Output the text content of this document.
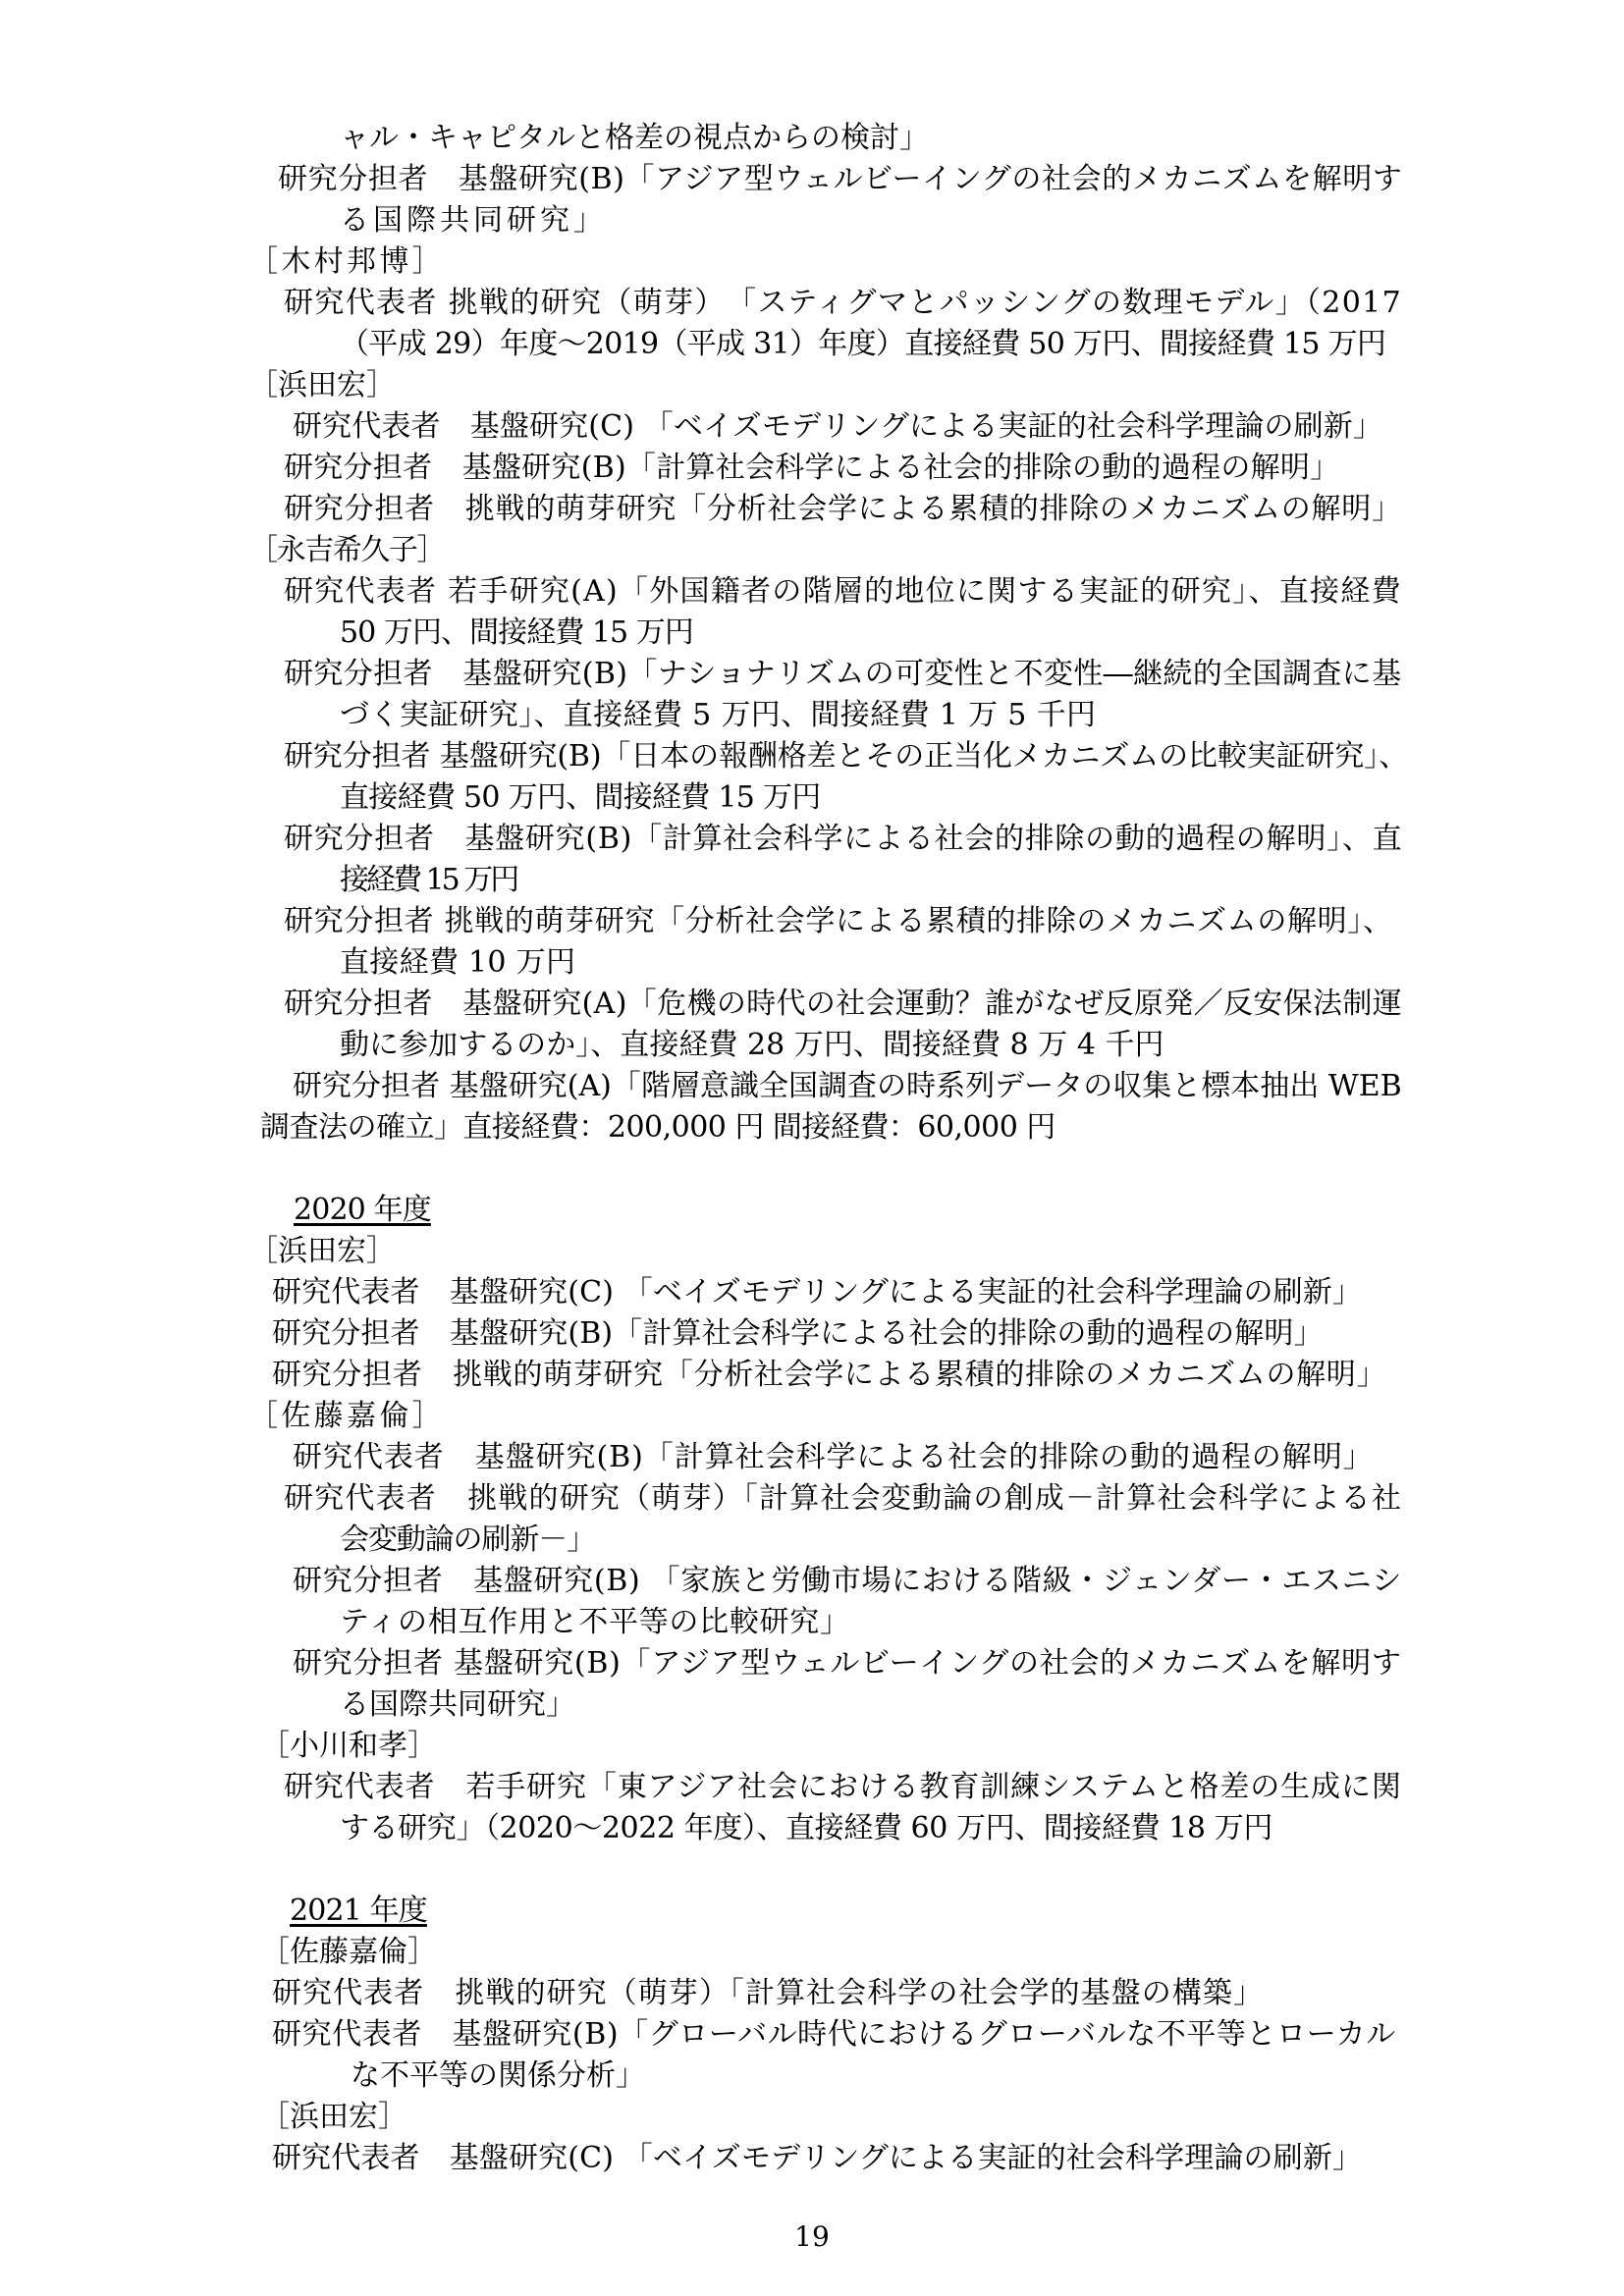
ャル・キャピタルと格差の視点からの検討」
研究分担者　基盤研究(B)「アジア型ウェルビーイングの社会的メカニズムを解明す
る国際共同研究」
［木村邦博］
研究代表者 挑戦的研究（萌芽）　「スティグマとパッシングの数理モデル」（2017
（平成 29）年度〜2019（平成 31）年度）直接経費 50 万円、間接経費 15 万円
［浜田宏］
研究代表者　基盤研究(C) 「ベイズモデリングによる実証的社会科学理論の刷新」
研究分担者　基盤研究(B)「計算社会科学による社会的排除の動的過程の解明」
研究分担者　挑戦的萌芽研究「分析社会学による累積的排除のメカニズムの解明」
［永吉希久子］
研究代表者 若手研究(A)「外国籍者の階層的地位に関する実証的研究」、直接経費
50 万円、間接経費 15 万円
研究分担者　基盤研究(B)「ナショナリズムの可変性と不変性―継続的全国調査に基
づく実証研究」、直接経費 5 万円、間接経費 1 万 5 千円
研究分担者 基盤研究(B)「日本の報酬格差とその正当化メカニズムの比較実証研究」、
直接経費 50 万円、間接経費 15 万円
研究分担者　基盤研究(B)「計算社会科学による社会的排除の動的過程の解明」、直
接経費 15 万円
研究分担者 挑戦的萌芽研究「分析社会学による累積的排除のメカニズムの解明」、
直接経費 10 万円
研究分担者　基盤研究(A)「危機の時代の社会運動？誰がなぜ反原発／反安保法制運
動に参加するのか」、直接経費 28 万円、間接経費 8 万 4 千円
研究分担者 基盤研究(A)「階層意識全国調査の時系列データの収集と標本抽出 WEB
調査法の確立」直接経費：200,000 円 間接経費：60,000 円
2020 年度
［浜田宏］
研究代表者　基盤研究(C) 「ベイズモデリングによる実証的社会科学理論の刷新」
研究分担者　基盤研究(B)「計算社会科学による社会的排除の動的過程の解明」
研究分担者　挑戦的萌芽研究「分析社会学による累積的排除のメカニズムの解明」
［佐藤嘉倫］
研究代表者　基盤研究(B)「計算社会科学による社会的排除の動的過程の解明」
研究代表者　挑戦的研究（萌芽）「計算社会変動論の創成－計算社会科学による社
会変動論の刷新－」
研究分担者　基盤研究(B) 「家族と労働市場における階級・ジェンダー・エスニシ
ティの相互作用と不平等の比較研究」
研究分担者 基盤研究(B)「アジア型ウェルビーイングの社会的メカニズムを解明す
る国際共同研究」
［小川和孝］
研究代表者　若手研究「東アジア社会における教育訓練システムと格差の生成に関
する研究」（2020〜2022 年度）、直接経費 60 万円、間接経費 18 万円
2021 年度
［佐藤嘉倫］
研究代表者　挑戦的研究（萌芽）「計算社会科学の社会学的基盤の構築」
研究代表者　基盤研究(B)「グローバル時代におけるグローバルな不平等とローカル
な不平等の関係分析」
［浜田宏］
研究代表者　基盤研究(C) 「ベイズモデリングによる実証的社会科学理論の刷新」
19
